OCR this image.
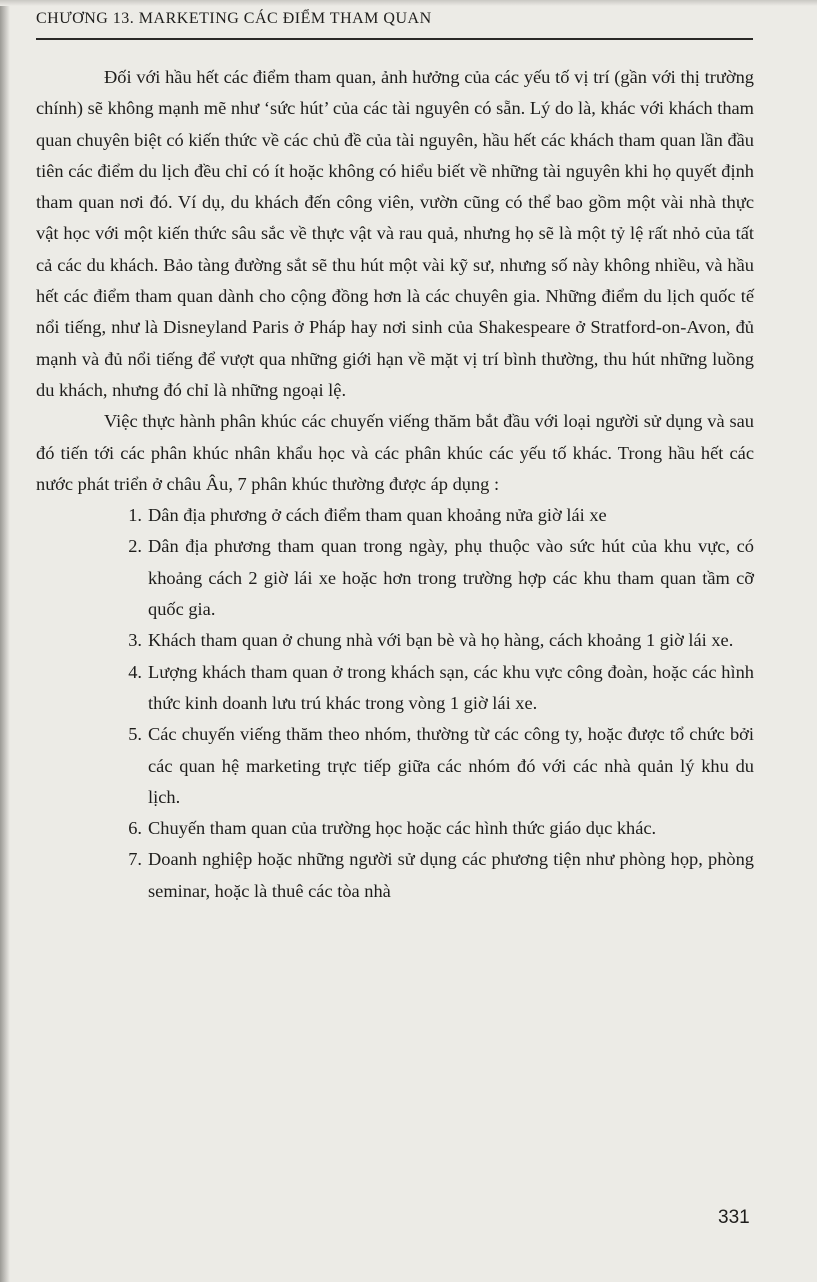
CHƯƠNG 13. MARKETING CÁC ĐIỂM THAM QUAN

Đối với hầu hết các điểm tham quan, ảnh hưởng của các yếu tố vị trí (gần với thị trường chính) sẽ không mạnh mẽ như ‘sức hút’ của các tài nguyên có sẵn. Lý do là, khác với khách tham quan chuyên biệt có kiến thức về các chủ đề của tài nguyên, hầu hết các khách tham quan lần đầu tiên các điểm du lịch đều chỉ có ít hoặc không có hiểu biết về những tài nguyên khi họ quyết định tham quan nơi đó. Ví dụ, du khách đến công viên, vườn cũng có thể bao gồm một vài nhà thực vật học với một kiến thức sâu sắc về thực vật và rau quả, nhưng họ sẽ là một tỷ lệ rất nhỏ của tất cả các du khách. Bảo tàng đường sắt sẽ thu hút một vài kỹ sư, nhưng số này không nhiều, và hầu hết các điểm tham quan dành cho cộng đồng hơn là các chuyên gia. Những điểm du lịch quốc tế nổi tiếng, như là Disneyland Paris ở Pháp hay nơi sinh của Shakespeare ở Stratford-on-Avon, đủ mạnh và đủ nổi tiếng để vượt qua những giới hạn về mặt vị trí bình thường, thu hút những luồng du khách, nhưng đó chỉ là những ngoại lệ.

Việc thực hành phân khúc các chuyến viếng thăm bắt đầu với loại người sử dụng và sau đó tiến tới các phân khúc nhân khẩu học và các phân khúc các yếu tố khác. Trong hầu hết các nước phát triển ở châu Âu, 7 phân khúc thường được áp dụng :

1. Dân địa phương ở cách điểm tham quan khoảng nửa giờ lái xe
2. Dân địa phương tham quan trong ngày, phụ thuộc vào sức hút của khu vực, có khoảng cách 2 giờ lái xe hoặc hơn trong trường hợp các khu tham quan tầm cỡ quốc gia.
3. Khách tham quan ở chung nhà với bạn bè và họ hàng, cách khoảng 1 giờ lái xe.
4. Lượng khách tham quan ở trong khách sạn, các khu vực công đoàn, hoặc các hình thức kinh doanh lưu trú khác trong vòng 1 giờ lái xe.
5. Các chuyến viếng thăm theo nhóm, thường từ các công ty, hoặc được tổ chức bởi các quan hệ marketing trực tiếp giữa các nhóm đó với các nhà quản lý khu du lịch.
6. Chuyến tham quan của trường học hoặc các hình thức giáo dục khác.
7. Doanh nghiệp hoặc những người sử dụng các phương tiện như phòng họp, phòng seminar, hoặc là thuê các tòa nhà
331
